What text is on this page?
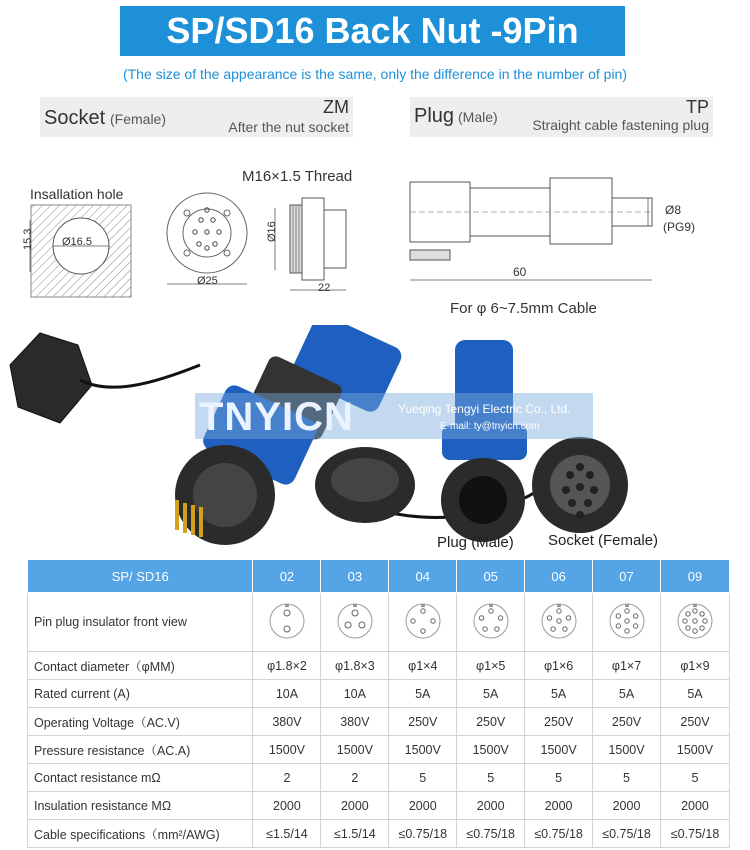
SP/SD16 Back Nut -9Pin
(The size of the appearance is the same, only the difference in the number of pin)
Socket (Female)
ZM
After the nut socket	Plug (Male)	TP
Straight cable fastening plug
Insallation hole
Ø16.5
15.3
M16×1.5 Thread
Ø25
Ø16
22
Ø8
(PG9)
60
For φ 6~7.5mm Cable
TNYICN	Yueqing Tengyi Electric Co., Ltd.
E-mail: ty@tnyicn.com
Plug (Male) Socket (Female)
SP/ SD16	02	03	04	05	06	07	09
Pin plug insulator front view							
Contact diameter（φMM)	φ1.8×2	φ1.8×3	φ1×4	φ1×5	φ1×6	φ1×7	φ1×9
Rated current (A)	10A	10A	5A	5A	5A	5A	5A
Operating Voltage（AC.V)	380V	380V	250V	250V	250V	250V	250V
Pressure resistance（AC.A)	1500V	1500V	1500V	1500V	1500V	1500V	1500V
Contact resistance mΩ	2	2	5	5	5	5	5
Insulation resistance MΩ	2000	2000	2000	2000	2000	2000	2000
Cable specifications（mm²/AWG)	≤1.5/14	≤1.5/14	≤0.75/18	≤0.75/18	≤0.75/18	≤0.75/18	≤0.75/18
